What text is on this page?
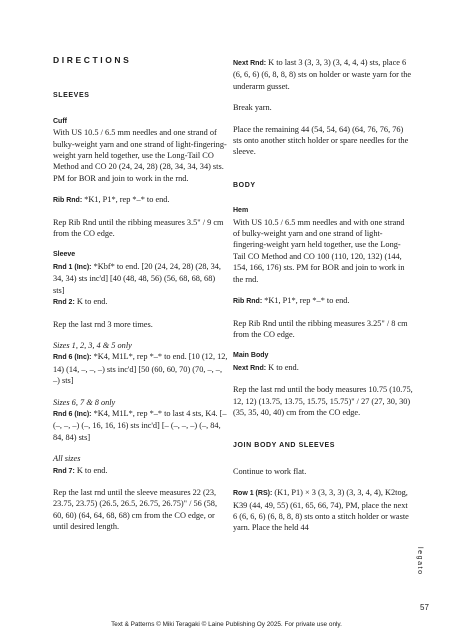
DIRECTIONS
SLEEVES
Cuff

With US 10.5 / 6.5 mm needles and one strand of bulky-weight yarn and one strand of light-fingering-weight yarn held together, use the Long-Tail CO Method and CO 20 (24, 24, 28) (28, 34, 34, 34) sts. PM for BOR and join to work in the rnd.

Rib Rnd: *K1, P1*, rep *–* to end.

Rep Rib Rnd until the ribbing measures 3.5" / 9 cm from the CO edge.

Sleeve

Rnd 1 (Inc): *Kbf* to end. [20 (24, 24, 28) (28, 34, 34, 34) sts inc'd] [40 (48, 48, 56) (56, 68, 68, 68) sts]

Rnd 2: K to end.

Rep the last rnd 3 more times.

Sizes 1, 2, 3, 4 & 5 only

Rnd 6 (Inc): *K4, M1L*, rep *–* to end. [10 (12, 12, 14) (14, –, –, –) sts inc'd] [50 (60, 60, 70) (70, –, –, –) sts]

Sizes 6, 7 & 8 only

Rnd 6 (Inc): *K4, M1L*, rep *–* to last 4 sts, K4. [– (–, –, –) (–, 16, 16, 16) sts inc'd] [– (–, –, –) (–, 84, 84, 84) sts]

All sizes

Rnd 7: K to end.

Rep the last rnd until the sleeve measures 22 (23, 23.75, 23.75) (26.5, 26.5, 26.75, 26.75)" / 56 (58, 60, 60) (64, 64, 68, 68) cm from the CO edge, or until desired length.

Next Rnd: K to last 3 (3, 3, 3) (3, 4, 4, 4) sts, place 6 (6, 6, 6) (6, 8, 8, 8) sts on holder or waste yarn for the underarm gusset.

Break yarn.

Place the remaining 44 (54, 54, 64) (64, 76, 76, 76) sts onto another stitch holder or spare needles for the sleeve.

BODY
Hem

With US 10.5 / 6.5 mm needles and with one strand of bulky-weight yarn and one strand of light-fingering-weight yarn held together, use the Long-Tail CO Method and CO 100 (110, 120, 132) (144, 154, 166, 176) sts. PM for BOR and join to work in the rnd.

Rib Rnd: *K1, P1*, rep *–* to end.

Rep Rib Rnd until the ribbing measures 3.25" / 8 cm from the CO edge.

Main Body

Next Rnd: K to end.

Rep the last rnd until the body measures 10.75 (10.75, 12, 12) (13.75, 13.75, 15.75, 15.75)" / 27 (27, 30, 30) (35, 35, 40, 40) cm from the CO edge.

JOIN BODY AND SLEEVES

Continue to work flat.

Row 1 (RS): (K1, P1) × 3 (3, 3, 3) (3, 3, 4, 4), K2tog, K39 (44, 49, 55) (61, 65, 66, 74), PM, place the next 6 (6, 6, 6) (6, 8, 8, 8) sts onto a stitch holder or waste yarn. Place the held 44

legato
57
Text & Patterns © Miki Teragaki © Laine Publishing Oy 2025. For private use only.
